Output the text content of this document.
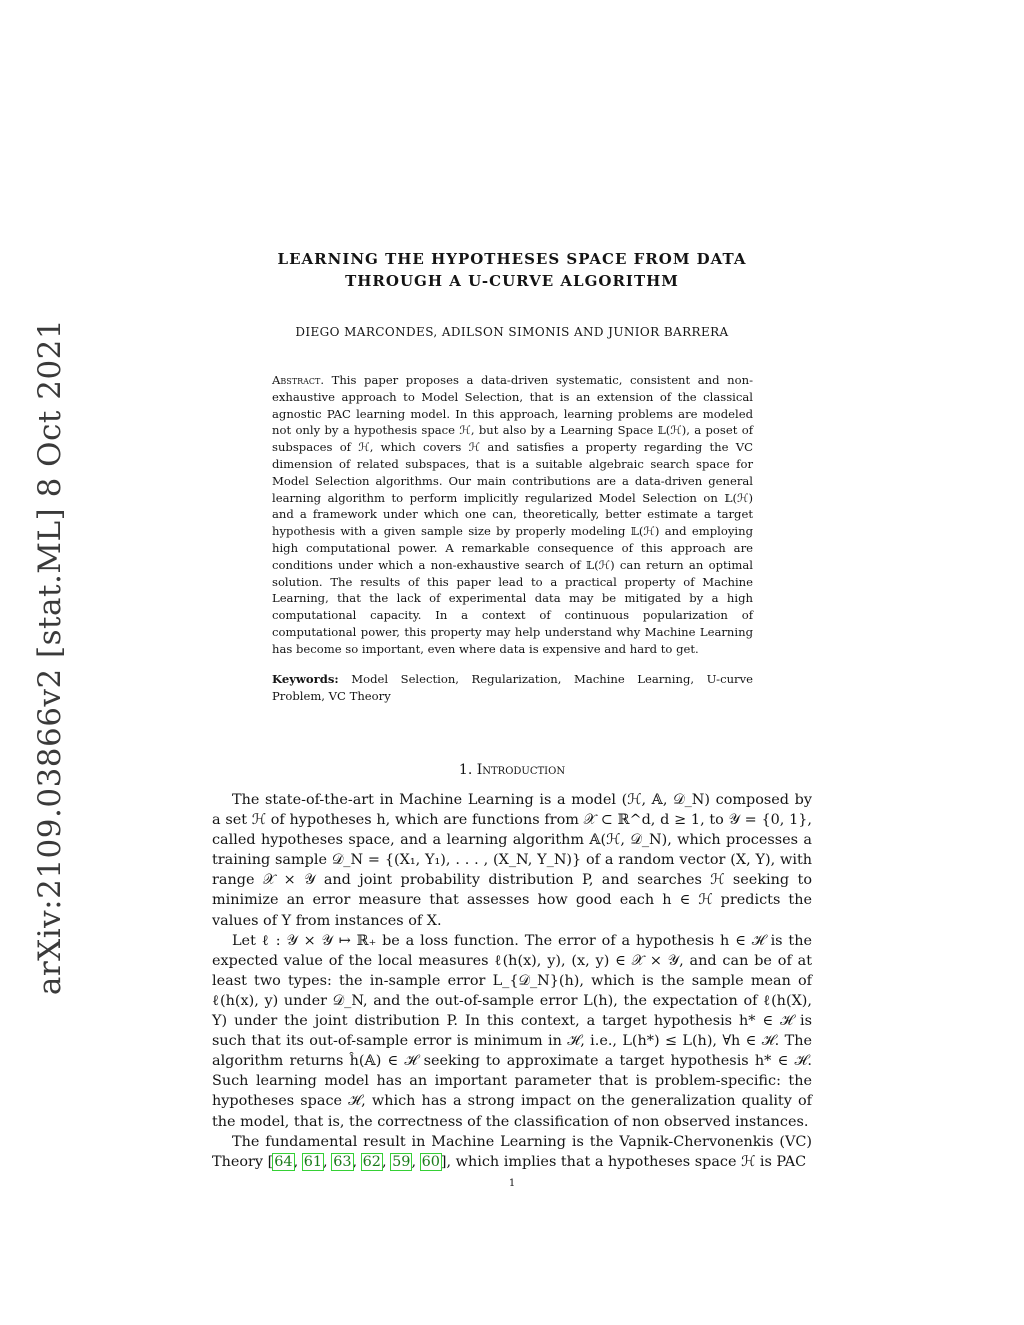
arXiv:2109.03866v2 [stat.ML] 8 Oct 2021
LEARNING THE HYPOTHESES SPACE FROM DATA
THROUGH A U-CURVE ALGORITHM
DIEGO MARCONDES, ADILSON SIMONIS AND JUNIOR BARRERA
Abstract. This paper proposes a data-driven systematic, consistent and non-exhaustive approach to Model Selection, that is an extension of the classical agnostic PAC learning model. In this approach, learning problems are modeled not only by a hypothesis space ℋ, but also by a Learning Space 𝕃(ℋ), a poset of subspaces of ℋ, which covers ℋ and satisfies a property regarding the VC dimension of related subspaces, that is a suitable algebraic search space for Model Selection algorithms. Our main contributions are a data-driven general learning algorithm to perform implicitly regularized Model Selection on 𝕃(ℋ) and a framework under which one can, theoretically, better estimate a target hypothesis with a given sample size by properly modeling 𝕃(ℋ) and employing high computational power. A remarkable consequence of this approach are conditions under which a non-exhaustive search of 𝕃(ℋ) can return an optimal solution. The results of this paper lead to a practical property of Machine Learning, that the lack of experimental data may be mitigated by a high computational capacity. In a context of continuous popularization of computational power, this property may help understand why Machine Learning has become so important, even where data is expensive and hard to get.
Keywords: Model Selection, Regularization, Machine Learning, U-curve Problem, VC Theory
1. Introduction

The state-of-the-art in Machine Learning is a model (ℋ, 𝔸, 𝒟_N) composed by a set ℋ of hypotheses h, which are functions from 𝒳 ⊂ ℝ^d, d ≥ 1, to 𝒴 = {0, 1}, called hypotheses space, and a learning algorithm 𝔸(ℋ, 𝒟_N), which processes a training sample 𝒟_N = {(X₁, Y₁), . . . , (X_N, Y_N)} of a random vector (X, Y), with range 𝒳 × 𝒴 and joint probability distribution P, and searches ℋ seeking to minimize an error measure that assesses how good each h ∈ ℋ predicts the values of Y from instances of X.

Let ℓ : 𝒴 × 𝒴 ↦ ℝ₊ be a loss function. The error of a hypothesis h ∈ ℋ is the expected value of the local measures ℓ(h(x), y), (x, y) ∈ 𝒳 × 𝒴, and can be of at least two types: the in-sample error L_{𝒟_N}(h), which is the sample mean of ℓ(h(x), y) under 𝒟_N, and the out-of-sample error L(h), the expectation of ℓ(h(X), Y) under the joint distribution P. In this context, a target hypothesis h* ∈ ℋ is such that its out-of-sample error is minimum in ℋ, i.e., L(h*) ≤ L(h), ∀h ∈ ℋ. The algorithm returns ĥ(𝔸) ∈ ℋ seeking to approximate a target hypothesis h* ∈ ℋ. Such learning model has an important parameter that is problem-specific: the hypotheses space ℋ, which has a strong impact on the generalization quality of the model, that is, the correctness of the classification of non observed instances.

The fundamental result in Machine Learning is the Vapnik-Chervonenkis (VC) Theory [64, 61, 63, 62, 59, 60], which implies that a hypotheses space ℋ is PAC

1
